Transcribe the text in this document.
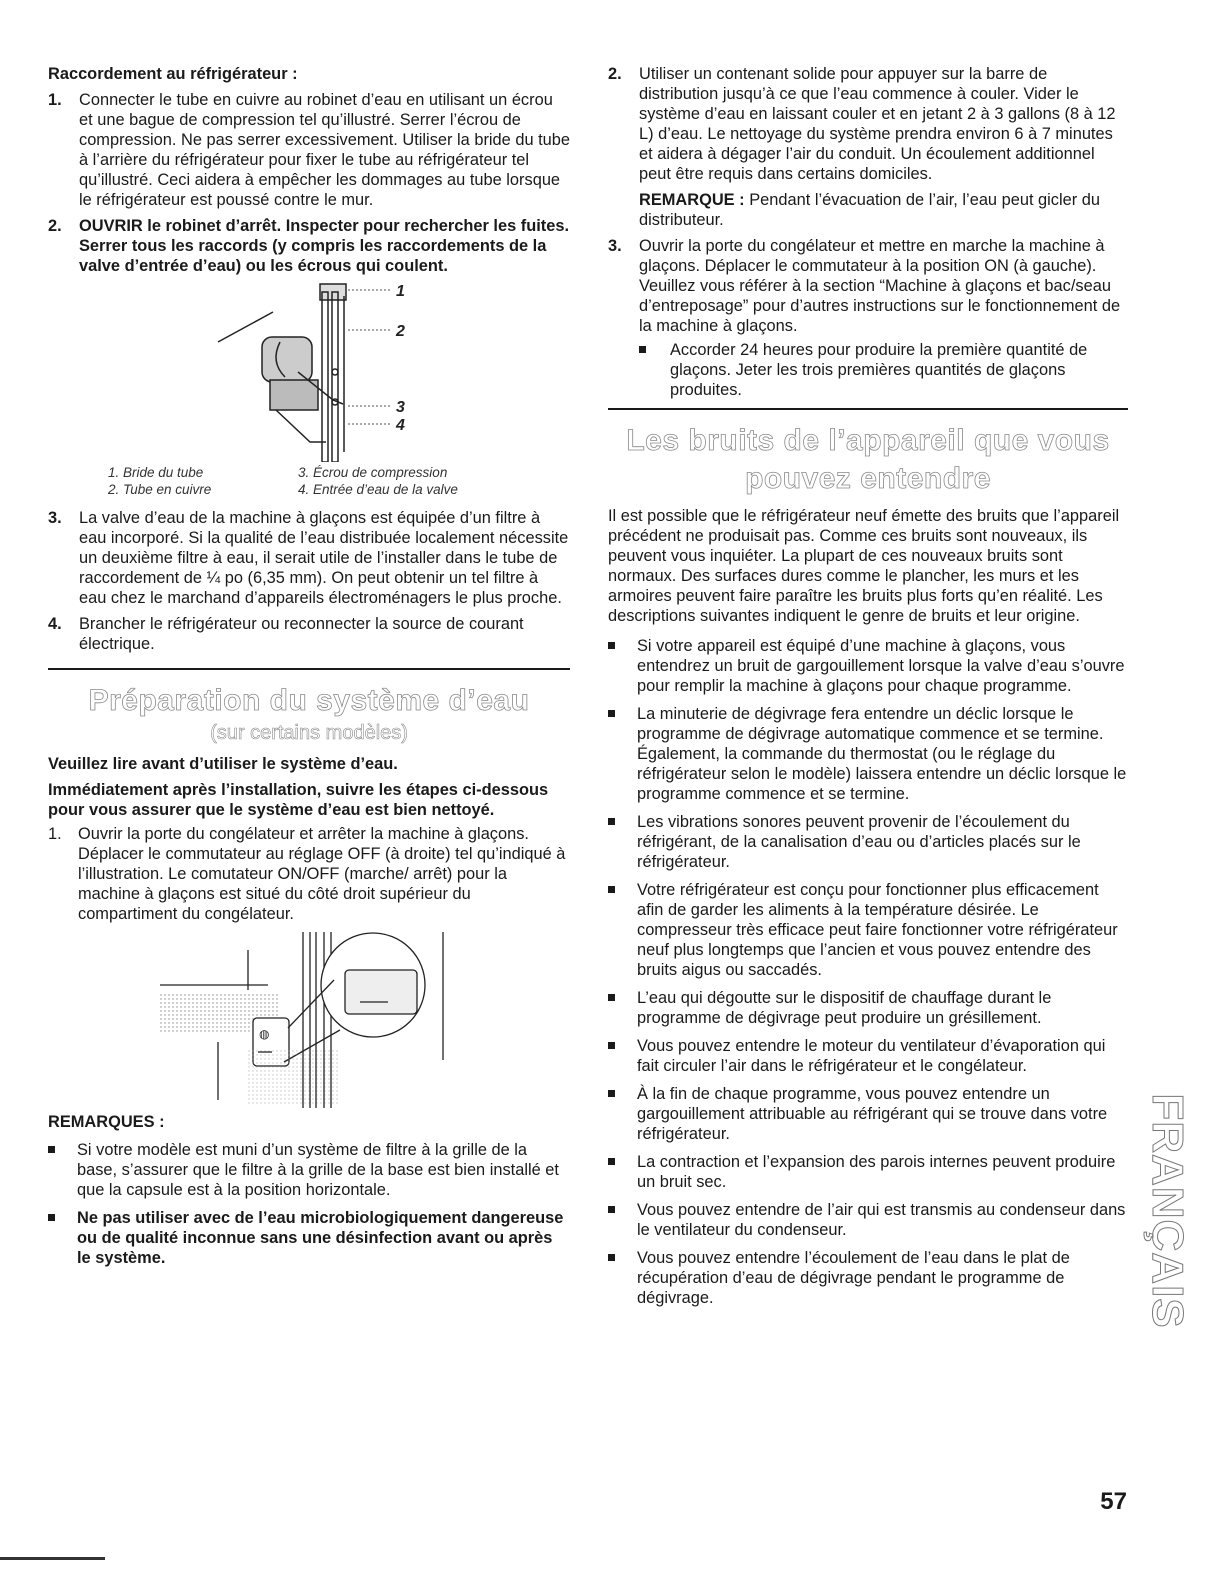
Raccordement au réfrigérateur :

1. Connecter le tube en cuivre au robinet d’eau en utilisant un écrou et une bague de compression tel qu’illustré. Serrer l’écrou de compression. Ne pas serrer excessivement. Utiliser la bride du tube à l’arrière du réfrigérateur pour fixer le tube au réfrigérateur tel qu’illustré. Ceci aidera à empêcher les dommages au tube lorsque le réfrigérateur est poussé contre le mur.
2. OUVRIR le robinet d’arrêt. Inspecter pour rechercher les fuites. Serrer tous les raccords (y compris les raccordements de la valve d’entrée d’eau) ou les écrous qui coulent.
1
2
3
4
1. Bride du tube
2. Tube en cuivre
3. Écrou de compression
4. Entrée d’eau de la valve
3. La valve d’eau de la machine à glaçons est équipée d’un filtre à eau incorporé. Si la qualité de l’eau distribuée localement nécessite un deuxième filtre à eau, il serait utile de l’installer dans le tube de raccordement de ¼ po (6,35 mm). On peut obtenir un tel filtre à eau chez le marchand d’appareils électroménagers le plus proche.
4. Brancher le réfrigérateur ou reconnecter la source de courant électrique.
Préparation du système d’eau
(sur certains modèles)

Veuillez lire avant d’utiliser le système d’eau.

Immédiatement après l’installation, suivre les étapes ci-dessous pour vous assurer que le système d’eau est bien nettoyé.

1. Ouvrir la porte du congélateur et arrêter la machine à glaçons. Déplacer le commutateur au réglage OFF (à droite) tel qu’indiqué à l’illustration. Le comutateur ON/OFF (marche/ arrêt) pour la machine à glaçons est situé du côté droit supérieur du compartiment du congélateur.
◍

REMARQUES :

Si votre modèle est muni d’un système de filtre à la grille de la base, s’assurer que le filtre à la grille de la base est bien installé et que la capsule est à la position horizontale.
Ne pas utiliser avec de l’eau microbiologiquement dangereuse ou de qualité inconnue sans une désinfection avant ou après le système.
2. Utiliser un contenant solide pour appuyer sur la barre de distribution jusqu’à ce que l’eau commence à couler. Vider le système d’eau en laissant couler et en jetant 2 à 3 gallons (8 à 12 L) d’eau. Le nettoyage du système prendra environ 6 à 7 minutes et aidera à dégager l’air du conduit. Un écoulement additionnel peut être requis dans certains domiciles.

REMARQUE : Pendant l’évacuation de l’air, l’eau peut gicler du distributeur.

3. Ouvrir la porte du congélateur et mettre en marche la machine à glaçons. Déplacer le commutateur à la position ON (à gauche). Veuillez vous référer à la section “Machine à glaçons et bac/seau d’entreposage” pour d’autres instructions sur le fonctionnement de la machine à glaçons.
Accorder 24 heures pour produire la première quantité de glaçons. Jeter les trois premières quantités de glaçons produites.
Les bruits de l’appareil que vous
pouvez entendre

Il est possible que le réfrigérateur neuf émette des bruits que l’appareil précédent ne produisait pas. Comme ces bruits sont nouveaux, ils peuvent vous inquiéter. La plupart de ces nouveaux bruits sont normaux. Des surfaces dures comme le plancher, les murs et les armoires peuvent faire paraître les bruits plus forts qu’en réalité. Les descriptions suivantes indiquent le genre de bruits et leur origine.

Si votre appareil est équipé d’une machine à glaçons, vous entendrez un bruit de gargouillement lorsque la valve d’eau s’ouvre pour remplir la machine à glaçons pour chaque programme.
La minuterie de dégivrage fera entendre un déclic lorsque le programme de dégivrage automatique commence et se termine. Également, la commande du thermostat (ou le réglage du réfrigérateur selon le modèle) laissera entendre un déclic lorsque le programme commence et se termine.
Les vibrations sonores peuvent provenir de l’écoulement du réfrigérant, de la canalisation d’eau ou d’articles placés sur le réfrigérateur.
Votre réfrigérateur est conçu pour fonctionner plus efficacement afin de garder les aliments à la température désirée. Le compresseur très efficace peut faire fonctionner votre réfrigérateur neuf plus longtemps que l’ancien et vous pouvez entendre des bruits aigus ou saccadés.
L’eau qui dégoutte sur le dispositif de chauffage durant le programme de dégivrage peut produire un grésillement.
Vous pouvez entendre le moteur du ventilateur d’évaporation qui fait circuler l’air dans le réfrigérateur et le congélateur.
À la fin de chaque programme, vous pouvez entendre un gargouillement attribuable au réfrigérant qui se trouve dans votre réfrigérateur.
La contraction et l’expansion des parois internes peuvent produire un bruit sec.
Vous pouvez entendre de l’air qui est transmis au condenseur dans le ventilateur du condenseur.
Vous pouvez entendre l’écoulement de l’eau dans le plat de récupération d’eau de dégivrage pendant le programme de dégivrage.	FRANÇAIS
57
